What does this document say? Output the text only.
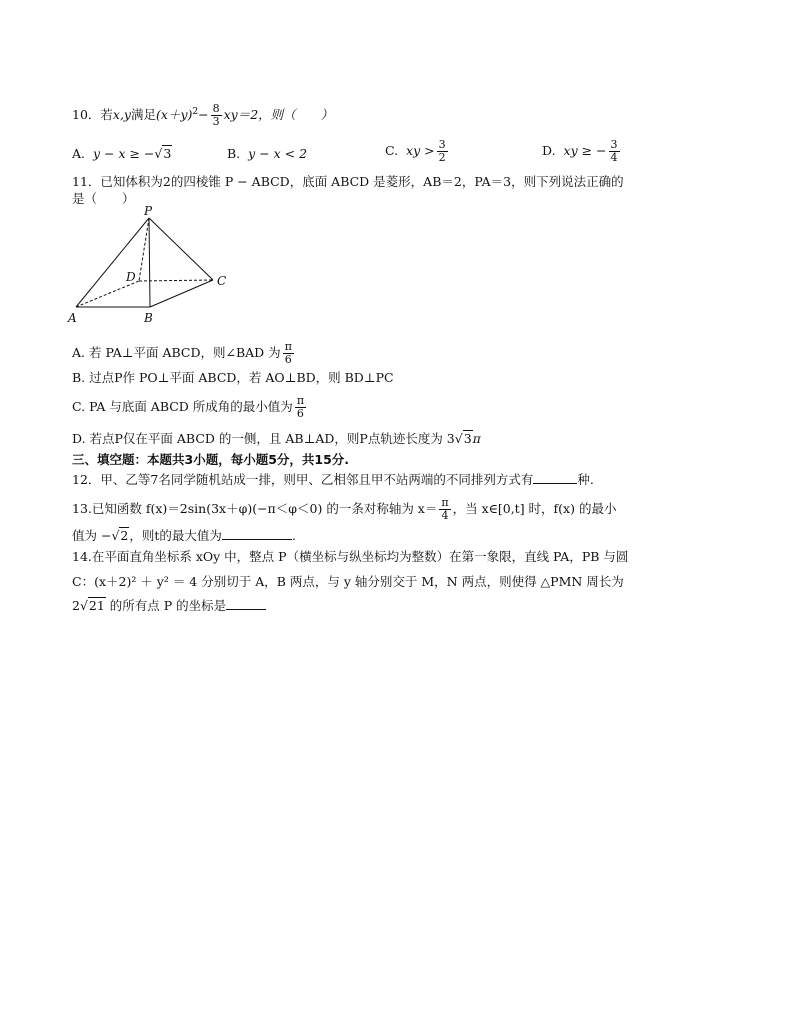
10．若x,y满足$(x+y)^2- \frac{8}{3} xy=2$，则（　　）
A. y − x ≥ −√3	B. y − x < 2	C. xy > $\frac{3}{2}$	D. xy ≥ − $\frac{3}{4}$
11．已知体积为2的四棱锥 P − ABCD，底面 ABCD 是菱形，AB＝2，PA＝3，则下列说法正确的
是（　　）
P
D	C
A	B
A. 若 PA⊥平面 ABCD，则∠BAD 为 $\frac{\pi}{6}$
B. 过点P作 PO⊥平面 ABCD，若 AO⊥BD，则 BD⊥PC
C. PA 与底面 ABCD 所成角的最小值为 $\frac{\pi}{6}$
D. 若点P仅在平面 ABCD 的一侧，且 AB⊥AD，则P点轨迹长度为 3√3π
三、填空题：本题共3小题，每小题5分，共15分.
12．甲、乙等7名同学随机站成一排，则甲、乙相邻且甲不站两端的不同排列方式有	种.
13.已知函数 f(x)＝2sin(3x＋φ)(−π＜φ＜0) 的一条对称轴为 $x= \frac{\pi}{4}$ ，当 x∈[0,t] 时，f(x) 的最小
值为 −√2，则t的最大值为	.
14.在平面直角坐标系 xOy 中，整点 P（横坐标与纵坐标均为整数）在第一象限，直线 PA，PB 与圆
C：(x＋2)² ＋ y² ＝ 4 分别切于 A，B 两点，与 y 轴分别交于 M，N 两点，则使得 △PMN 周长为
2√21 的所有点 P 的坐标是
